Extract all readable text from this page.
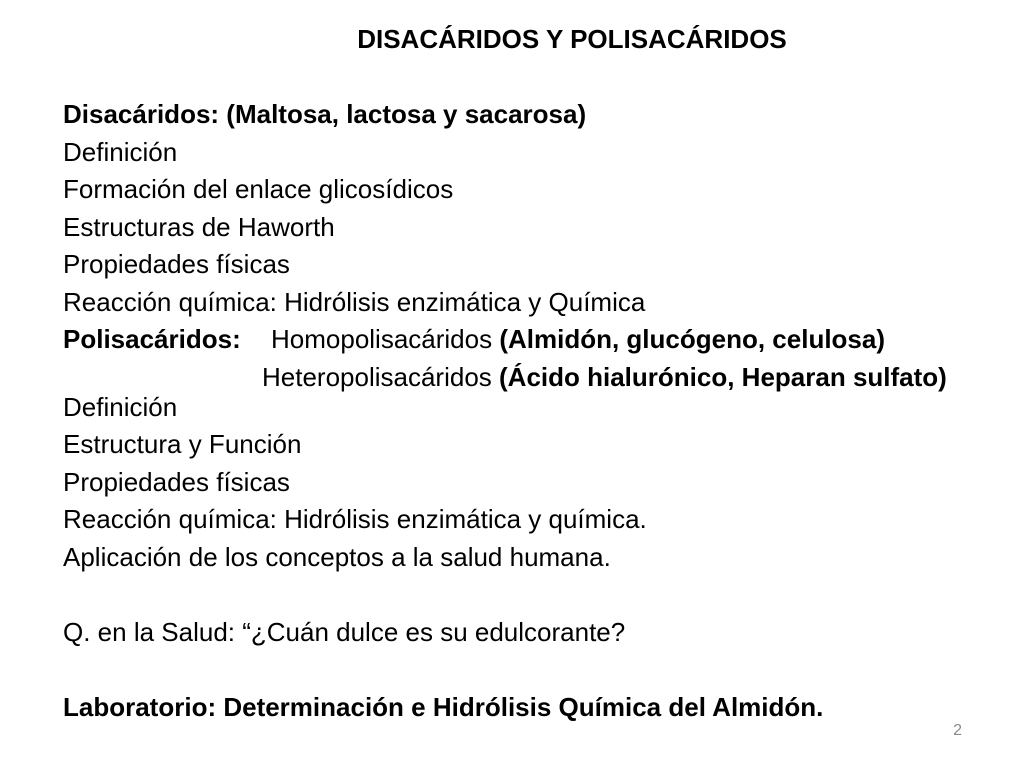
DISACÁRIDOS Y POLISACÁRIDOS
Disacáridos: (Maltosa, lactosa y sacarosa)
Definición
Formación del enlace glicosídicos
Estructuras de Haworth
Propiedades físicas
Reacción química: Hidrólisis enzimática y Química
Polisacáridos: Homopolisacáridos (Almidón, glucógeno, celulosa)
Heteropolisacáridos (Ácido hialurónico, Heparan sulfato)
Definición
Estructura y Función
Propiedades físicas
Reacción química: Hidrólisis enzimática y química.
Aplicación de los conceptos a la salud humana.
Q. en la Salud: “¿Cuán dulce es su edulcorante?
Laboratorio: Determinación e Hidrólisis Química del Almidón.
2
